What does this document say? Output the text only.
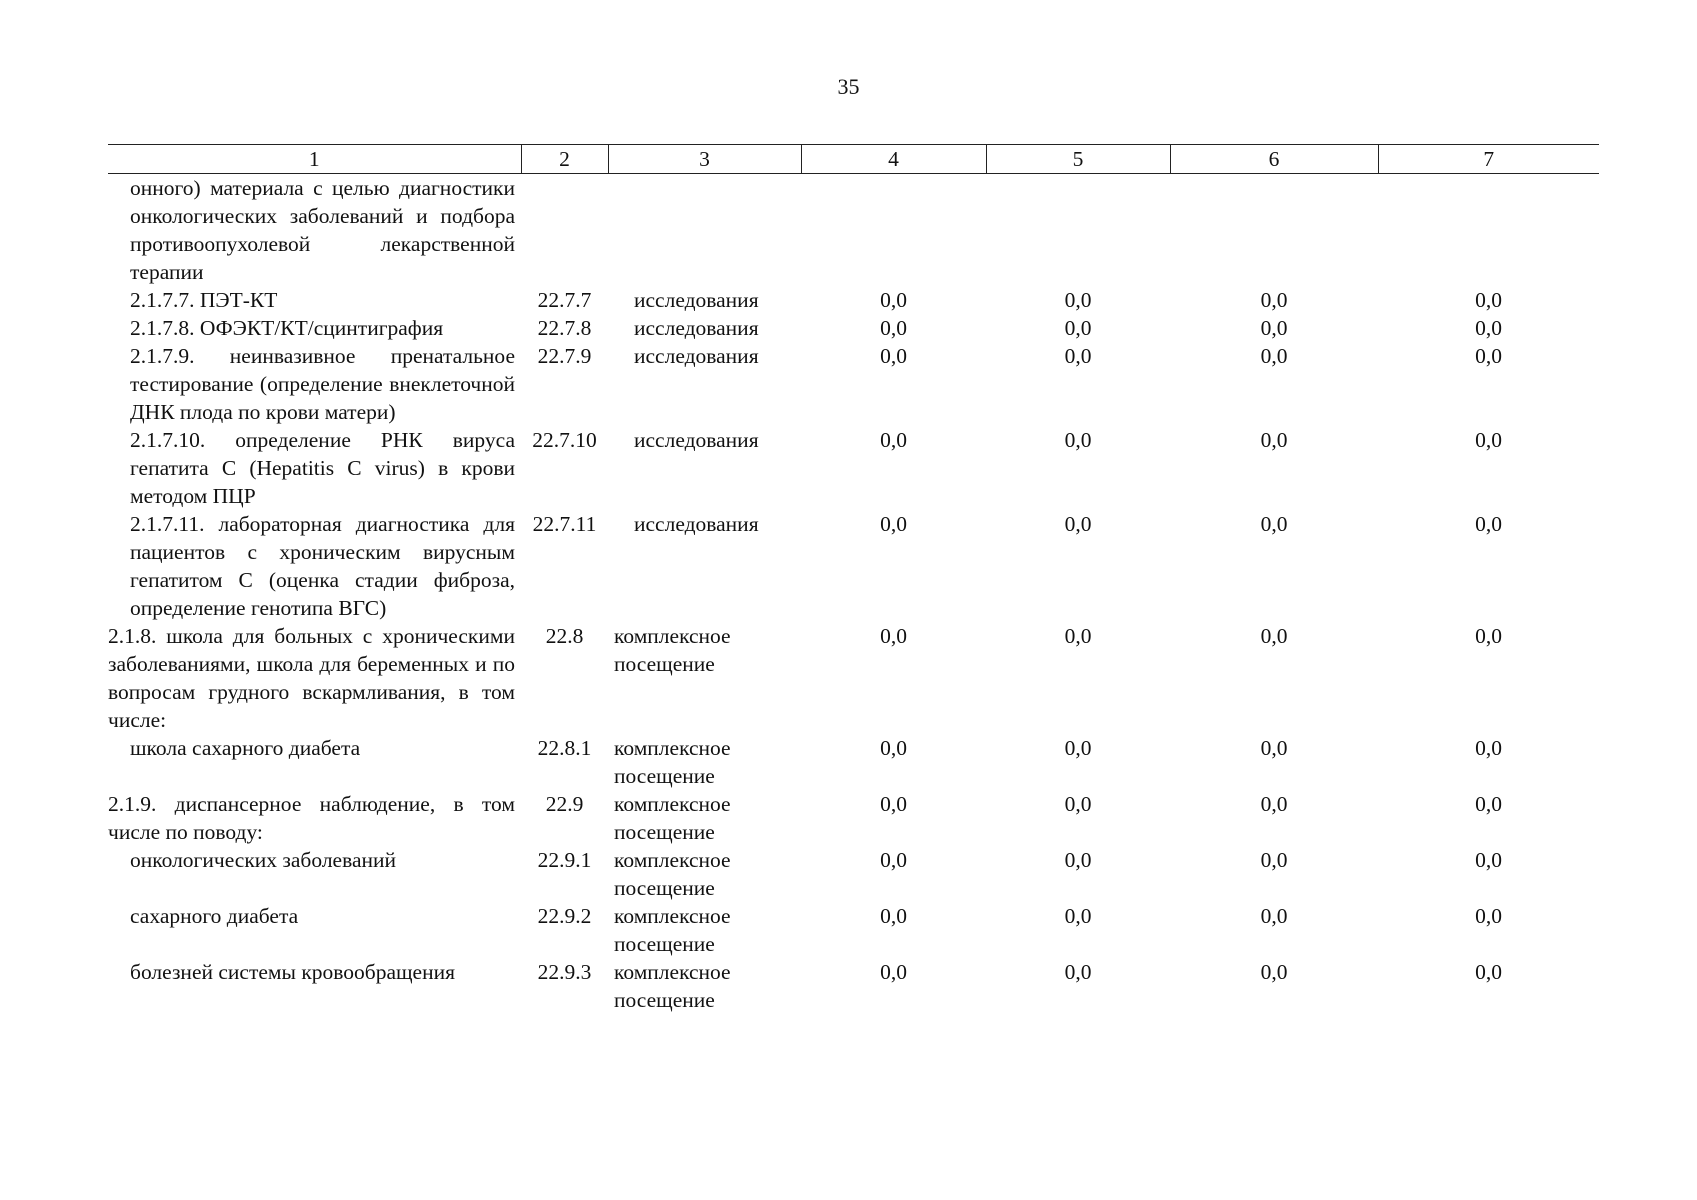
35
1	2	3	4	5	6	7
онного) материала с целью диагностики онкологических заболеваний и подбора противоопухолевой лекарственной терапии						
2.1.7.7. ПЭТ-КТ	22.7.7	исследования	0,0	0,0	0,0	0,0
2.1.7.8. ОФЭКТ/КТ/сцинтиграфия	22.7.8	исследования	0,0	0,0	0,0	0,0
2.1.7.9. неинвазивное пренатальное тестирование (определение внеклеточной ДНК плода по крови матери)	22.7.9	исследования	0,0	0,0	0,0	0,0
2.1.7.10. определение РНК вируса гепатита С (Hepatitis C virus) в крови методом ПЦР	22.7.10	исследования	0,0	0,0	0,0	0,0
2.1.7.11. лабораторная диагностика для пациентов с хроническим вирусным гепатитом С (оценка стадии фиброза, определение генотипа ВГС)	22.7.11	исследования	0,0	0,0	0,0	0,0
2.1.8. школа для больных с хроническими заболеваниями, школа для беременных и по вопросам грудного вскармливания, в том числе:	22.8	комплексное посещение	0,0	0,0	0,0	0,0
школа сахарного диабета	22.8.1	комплексное посещение	0,0	0,0	0,0	0,0
2.1.9. диспансерное наблюдение, в том числе по поводу:	22.9	комплексное посещение	0,0	0,0	0,0	0,0
онкологических заболеваний	22.9.1	комплексное посещение	0,0	0,0	0,0	0,0
сахарного диабета	22.9.2	комплексное посещение	0,0	0,0	0,0	0,0
болезней системы кровообращения	22.9.3	комплексное посещение	0,0	0,0	0,0	0,0
